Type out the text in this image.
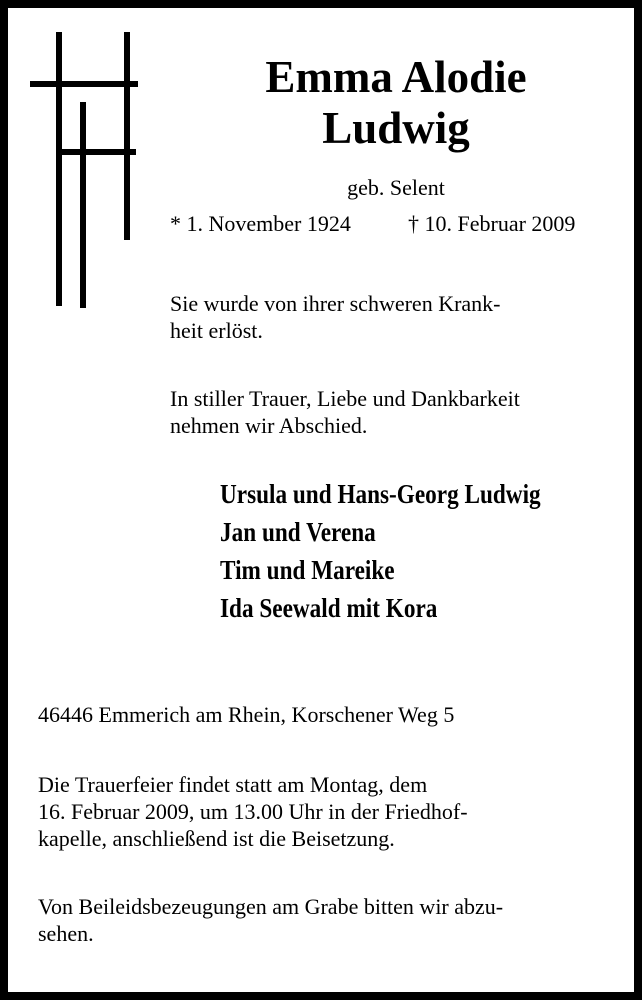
Emma Alodie
Ludwig
geb. Selent
* 1. November 1924	† 10. Februar 2009
Sie wurde von ihrer schweren Krank-
heit erlöst.
In stiller Trauer, Liebe und Dankbarkeit
nehmen wir Abschied.
Ursula und Hans-Georg Ludwig
Jan und Verena
Tim und Mareike
Ida Seewald mit Kora
46446 Emmerich am Rhein, Korschener Weg 5
Die Trauerfeier findet statt am Montag, dem
16. Februar 2009, um 13.00 Uhr in der Friedhof-
kapelle, anschließend ist die Beisetzung.
Von Beileidsbezeugungen am Grabe bitten wir abzu-
sehen.
